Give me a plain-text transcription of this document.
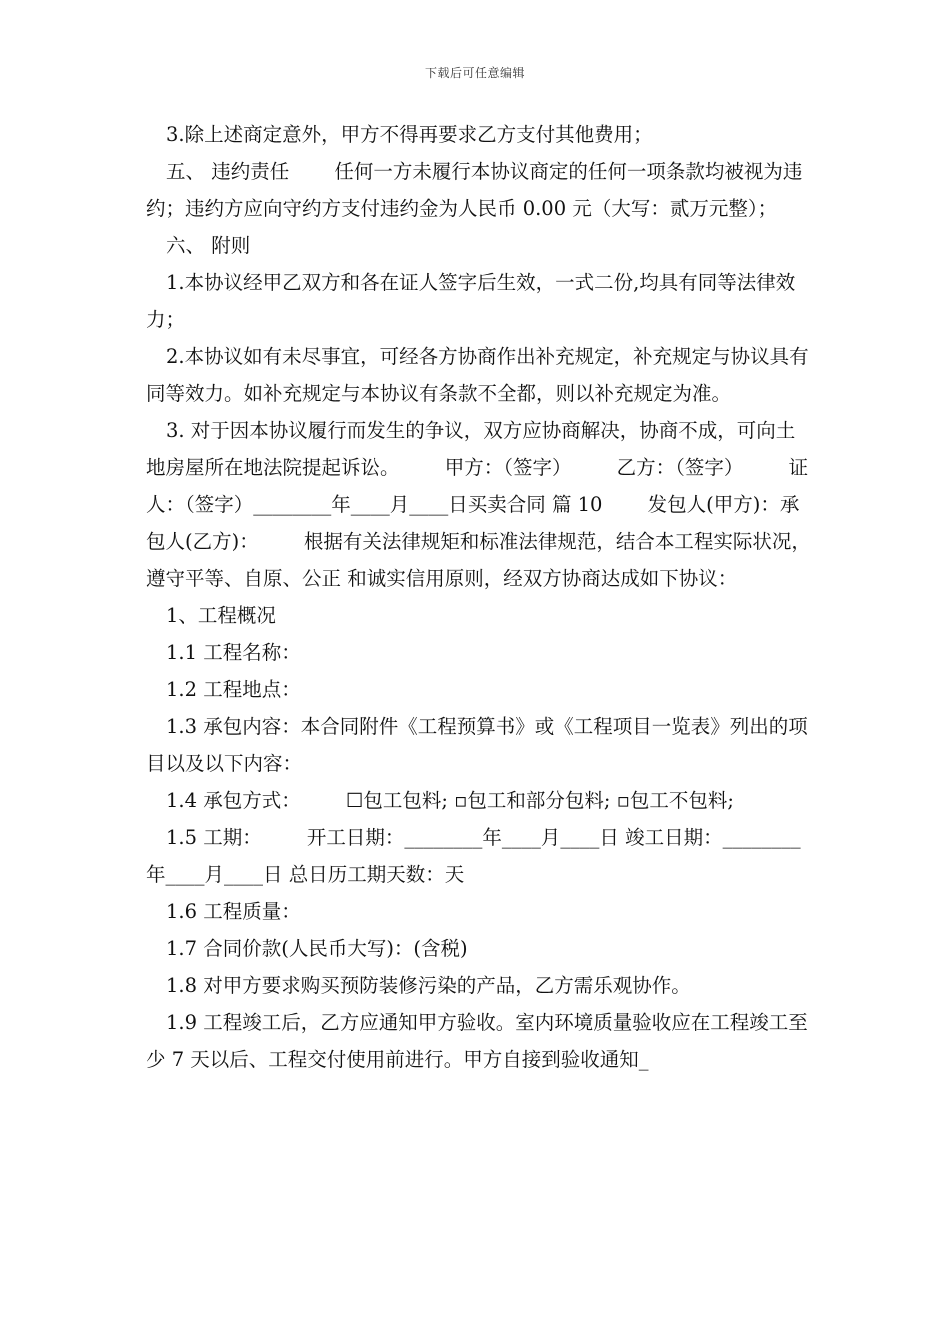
下载后可任意编辑

3.除上述商定意外，甲方不得再要求乙方支付其他费用；

五、 违约责任 　　任何一方未履行本协议商定的任何一项条款均被视为违约；违约方应向守约方支付违约金为人民币 0.00 元（大写：贰万元整）；

六、 附则

1.本协议经甲乙双方和各在证人签字后生效，一式二份,均具有同等法律效力；

2.本协议如有未尽事宜，可经各方协商作出补充规定，补充规定与协议具有同等效力。如补充规定与本协议有条款不全都，则以补充规定为准。

3. 对于因本协议履行而发生的争议，双方应协商解决，协商不成，可向土地房屋所在地法院提起诉讼。 　　甲方：（签字） 　　乙方：（签字） 　　证人：（签字）________年____月____日买卖合同 篇 10 　　发包人(甲方)：承包人(乙方)： 　　根据有关法律规矩和标准法律规范，结合本工程实际状况，遵守平等、自原、公正 和诚实信用原则，经双方协商达成如下协议：

1、工程概况

1.1 工程名称：

1.2 工程地点：

1.3 承包内容：本合同附件《工程预算书》或《工程项目一览表》列出的项目以及以下内容：

1.4 承包方式： 　　☐包工包料; ▫包工和部分包料; ▫包工不包料;

1.5 工期： 　　开工日期：________年____月____日 竣工日期：________年____月____日 总日历工期天数：天

1.6 工程质量：

1.7 合同价款(人民币大写)：(含税)

1.8 对甲方要求购买预防装修污染的产品，乙方需乐观协作。

1.9 工程竣工后，乙方应通知甲方验收。室内环境质量验收应在工程竣工至少 7 天以后、工程交付使用前进行。甲方自接到验收通知_
